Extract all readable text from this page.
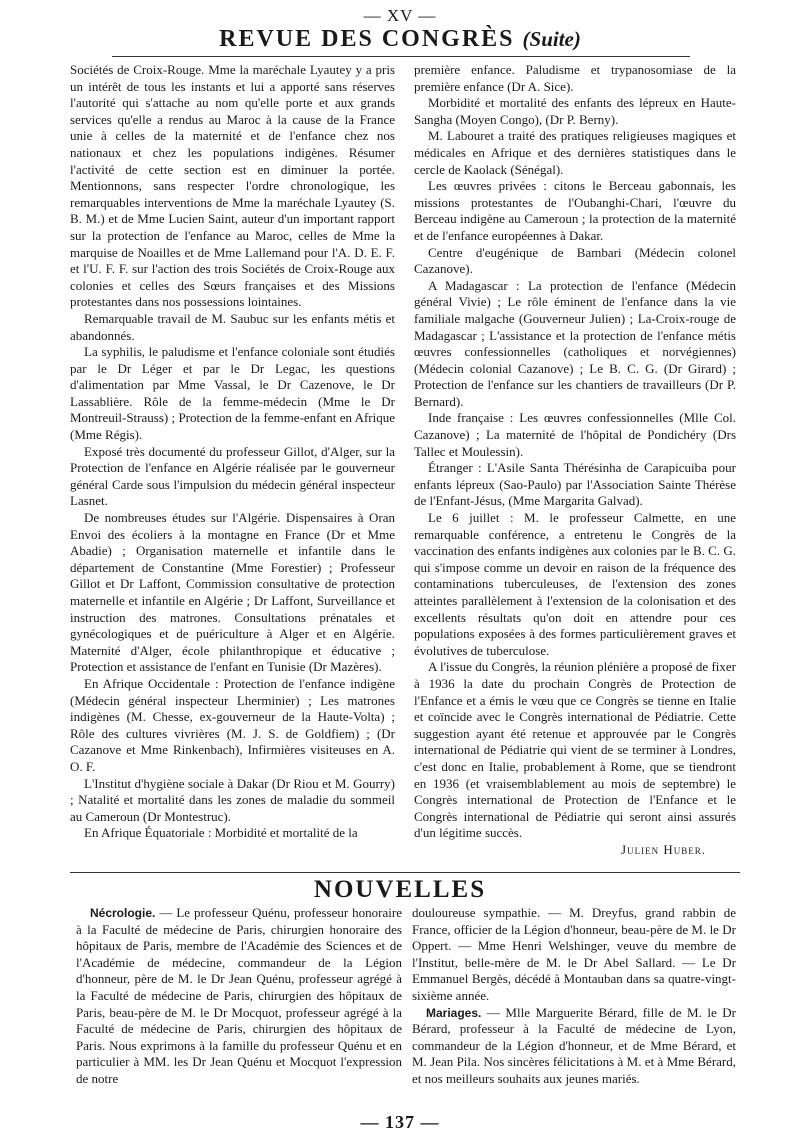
— XV —
REVUE DES CONGRÈS (Suite)

Sociétés de Croix-Rouge. Mme la maréchale Lyautey y a pris un intérêt de tous les instants et lui a apporté sans réserves l'autorité qui s'attache au nom qu'elle porte et aux grands services qu'elle a rendus au Maroc à la cause de la France unie à celles de la maternité et de l'enfance chez nos nationaux et chez les populations indigènes. Résumer l'activité de cette section est en diminuer la portée. Mentionnons, sans respecter l'ordre chronologique, les remarquables interventions de Mme la maréchale Lyautey (S. B. M.) et de Mme Lucien Saint, auteur d'un important rapport sur la protection de l'enfance au Maroc, celles de Mme la marquise de Noailles et de Mme Lallemand pour l'A. D. E. F. et l'U. F. F. sur l'action des trois Sociétés de Croix-Rouge aux colonies et celles des Sœurs françaises et des Missions protestantes dans nos possessions lointaines.

Remarquable travail de M. Saubuc sur les enfants métis et abandonnés.

La syphilis, le paludisme et l'enfance coloniale sont étudiés par le Dr Léger et par le Dr Legac, les questions d'alimentation par Mme Vassal, le Dr Cazenove, le Dr Lassablière. Rôle de la femme-médecin (Mme le Dr Montreuil-Strauss) ; Protection de la femme-enfant en Afrique (Mme Régis).

Exposé très documenté du professeur Gillot, d'Alger, sur la Protection de l'enfance en Algérie réalisée par le gouverneur général Carde sous l'impulsion du médecin général inspecteur Lasnet.

De nombreuses études sur l'Algérie. Dispensaires à Oran Envoi des écoliers à la montagne en France (Dr et Mme Abadie) ; Organisation maternelle et infantile dans le département de Constantine (Mme Forestier) ; Professeur Gillot et Dr Laffont, Commission consultative de protection maternelle et infantile en Algérie ; Dr Laffont, Surveillance et instruction des matrones. Consultations prénatales et gynécologiques et de puériculture à Alger et en Algérie. Maternité d'Alger, école philanthropique et éducative ; Protection et assistance de l'enfant en Tunisie (Dr Mazères).

En Afrique Occidentale : Protection de l'enfance indigène (Médecin général inspecteur Lherminier) ; Les matrones indigènes (M. Chesse, ex-gouverneur de la Haute-Volta) ; Rôle des cultures vivrières (M. J. S. de Goldfiem) ; (Dr Cazanove et Mme Rinkenbach), Infirmières visiteuses en A. O. F.

L'Institut d'hygiène sociale à Dakar (Dr Riou et M. Gourry) ; Natalité et mortalité dans les zones de maladie du sommeil au Cameroun (Dr Montestruc).

En Afrique Équatoriale : Morbidité et mortalité de la

première enfance. Paludisme et trypanosomiase de la première enfance (Dr A. Sice).

Morbidité et mortalité des enfants des lépreux en Haute-Sangha (Moyen Congo), (Dr P. Berny).

M. Labouret a traité des pratiques religieuses magiques et médicales en Afrique et des dernières statistiques dans le cercle de Kaolack (Sénégal).

Les œuvres privées : citons le Berceau gabonnais, les missions protestantes de l'Oubanghi-Chari, l'œuvre du Berceau indigène au Cameroun ; la protection de la maternité et de l'enfance européennes à Dakar.

Centre d'eugénique de Bambari (Médecin colonel Cazanove).

A Madagascar : La protection de l'enfance (Médecin général Vivie) ; Le rôle éminent de l'enfance dans la vie familiale malgache (Gouverneur Julien) ; La-Croix-rouge de Madagascar ; L'assistance et la protection de l'enfance métis œuvres confessionnelles (catholiques et norvégiennes) (Médecin colonial Cazanove) ; Le B. C. G. (Dr Girard) ; Protection de l'enfance sur les chantiers de travailleurs (Dr P. Bernard).

Inde française : Les œuvres confessionnelles (Mlle Col. Cazanove) ; La maternité de l'hôpital de Pondichéry (Drs Tallec et Moulessin).

Étranger : L'Asile Santa Thérésinha de Carapicuiba pour enfants lépreux (Sao-Paulo) par l'Association Sainte Thérèse de l'Enfant-Jésus, (Mme Margarita Galvad).

Le 6 juillet : M. le professeur Calmette, en une remarquable conférence, a entretenu le Congrès de la vaccination des enfants indigènes aux colonies par le B. C. G. qui s'impose comme un devoir en raison de la fréquence des contaminations tuberculeuses, de l'extension des zones atteintes parallèlement à l'extension de la colonisation et des excellents résultats qu'on doit en attendre pour ces populations exposées à des formes particulièrement graves et évolutives de tuberculose.

A l'issue du Congrès, la réunion plénière a proposé de fixer à 1936 la date du prochain Congrès de Protection de l'Enfance et a émis le vœu que ce Congrès se tienne en Italie et coïncide avec le Congrès international de Pédiatrie. Cette suggestion ayant été retenue et approuvée par le Congrès international de Pédiatrie qui vient de se terminer à Londres, c'est donc en Italie, probablement à Rome, que se tiendront en 1936 (et vraisemblablement au mois de septembre) le Congrès international de Protection de l'Enfance et le Congrès international de Pédiatrie qui seront ainsi assurés d'un légitime succès.

Julien Huber.
NOUVELLES

Nécrologie. — Le professeur Quénu, professeur honoraire à la Faculté de médecine de Paris, chirurgien honoraire des hôpitaux de Paris, membre de l'Académie des Sciences et de l'Académie de médecine, commandeur de la Légion d'honneur, père de M. le Dr Jean Quénu, professeur agrégé à la Faculté de médecine de Paris, chirurgien des hôpitaux de Paris, beau-père de M. le Dr Mocquot, professeur agrégé à la Faculté de médecine de Paris, chirurgien des hôpitaux de Paris. Nous exprimons à la famille du professeur Quénu et en particulier à MM. les Dr Jean Quénu et Mocquot l'expression de notre

douloureuse sympathie. — M. Dreyfus, grand rabbin de France, officier de la Légion d'honneur, beau-père de M. le Dr Oppert. — Mme Henri Welshinger, veuve du membre de l'Institut, belle-mère de M. le Dr Abel Sallard. — Le Dr Emmanuel Bergès, décédé à Montauban dans sa quatre-vingt-sixième année.

Mariages. — Mlle Marguerite Bérard, fille de M. le Dr Bérard, professeur à la Faculté de médecine de Lyon, commandeur de la Légion d'honneur, et de Mme Bérard, et M. Jean Pila. Nos sincères félicitations à M. et à Mme Bérard, et nos meilleurs souhaits aux jeunes mariés.

— 137 —
